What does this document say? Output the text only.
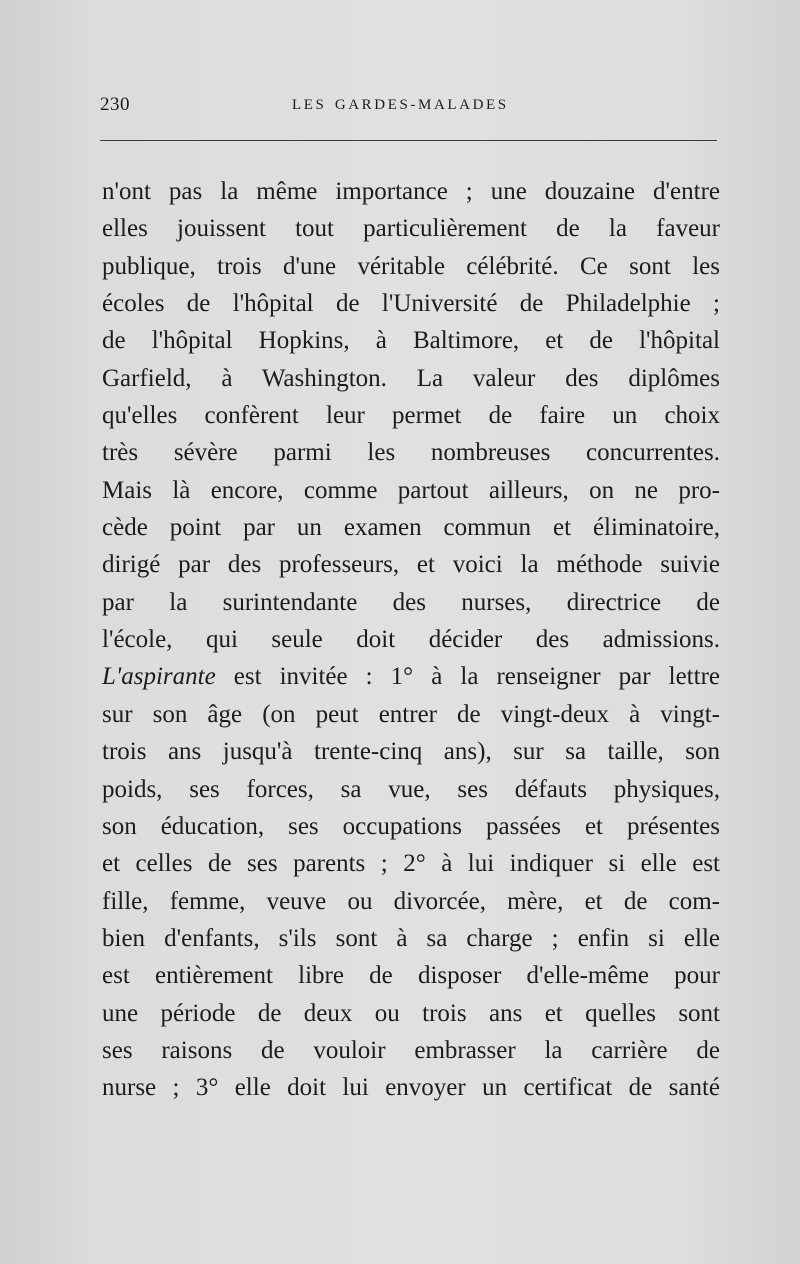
230	LES GARDES-MALADES
n'ont pas la même importance ; une douzaine d'entre
elles jouissent tout particulièrement de la faveur
publique, trois d'une véritable célébrité. Ce sont les
écoles de l'hôpital de l'Université de Philadelphie ;
de l'hôpital Hopkins, à Baltimore, et de l'hôpital
Garfield, à Washington. La valeur des diplômes
qu'elles confèrent leur permet de faire un choix
très sévère parmi les nombreuses concurrentes.
Mais là encore, comme partout ailleurs, on ne pro-
cède point par un examen commun et éliminatoire,
dirigé par des professeurs, et voici la méthode suivie
par la surintendante des nurses, directrice de
l'école, qui seule doit décider des admissions.
L'aspirante est invitée : 1° à la renseigner par lettre
sur son âge (on peut entrer de vingt-deux à vingt-
trois ans jusqu'à trente-cinq ans), sur sa taille, son
poids, ses forces, sa vue, ses défauts physiques,
son éducation, ses occupations passées et présentes
et celles de ses parents ; 2° à lui indiquer si elle est
fille, femme, veuve ou divorcée, mère, et de com-
bien d'enfants, s'ils sont à sa charge ; enfin si elle
est entièrement libre de disposer d'elle-même pour
une période de deux ou trois ans et quelles sont
ses raisons de vouloir embrasser la carrière de
nurse ; 3° elle doit lui envoyer un certificat de santé
